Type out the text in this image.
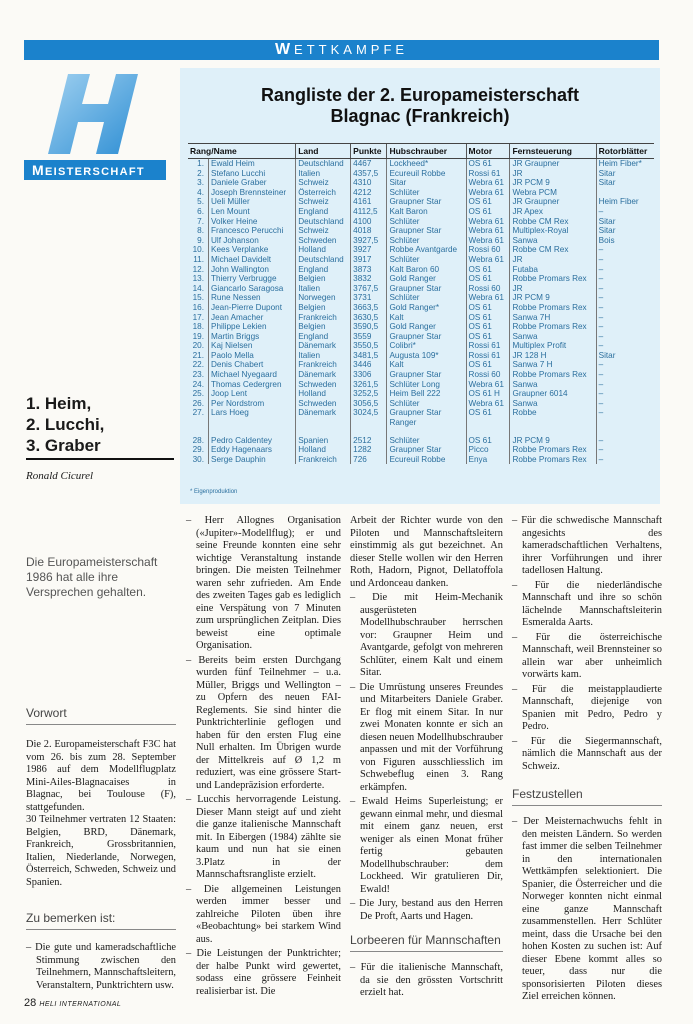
WETTKAMPFE
MEISTERSCHAFT
1. Heim,
2. Lucchi,
3. Graber
Ronald Cicurel
Die Europameisterschaft 1986 hat alle ihre Versprechen gehalten.
Rangliste der 2. Europameisterschaft
Blagnac (Frankreich)
Rang/Name		Land	Punkte	Hubschrauber	Motor	Fernsteuerung	Rotorblätter
1.	Ewald Heim	Deutschland	4467	Lockheed*	OS 61	JR Graupner	Heim Fiber*
2.	Stefano Lucchi	Italien	4357,5	Ecureuil Robbe	Rossi 61	JR	Sitar
3.	Daniele Graber	Schweiz	4310	Sitar	Webra 61	JR PCM 9	Sitar
4.	Joseph Brennsteiner	Österreich	4212	Schlüter	Webra 61	Webra PCM	
5.	Ueli Müller	Schweiz	4161	Graupner Star	OS 61	JR Graupner	Heim Fiber
6.	Len Mount	England	4112,5	Kalt Baron	OS 61	JR Apex	–
7.	Volker Heine	Deutschland	4100	Schlüter	Webra 61	Robbe CM Rex	Sitar
8.	Francesco Perucchi	Schweiz	4018	Graupner Star	Webra 61	Multiplex-Royal	Sitar
9.	Ulf Johanson	Schweden	3927,5	Schlüter	Webra 61	Sanwa	Bois
10.	Kees Verplanke	Holland	3927	Robbe Avantgarde	Rossi 60	Robbe CM Rex	–
11.	Michael Davidelt	Deutschland	3917	Schlüter	Webra 61	JR	–
12.	John Wallington	England	3873	Kalt Baron 60	OS 61	Futaba	–
13.	Thierry Verbrugge	Belgien	3832	Gold Ranger	OS 61	Robbe Promars Rex	–
14.	Giancarlo Saragosa	Italien	3767,5	Graupner Star	Rossi 60	JR	–
15.	Rune Nessen	Norwegen	3731	Schlüter	Webra 61	JR PCM 9	–
16.	Jean-Pierre Dupont	Belgien	3663,5	Gold Ranger*	OS 61	Robbe Promars Rex	–
17.	Jean Amacher	Frankreich	3630,5	Kalt	OS 61	Sanwa 7H	–
18.	Philippe Lekien	Belgien	3590,5	Gold Ranger	OS 61	Robbe Promars Rex	–
19.	Martin Briggs	England	3559	Graupner Star	OS 61	Sanwa	–
20.	Kaj Nielsen	Dänemark	3550,5	Colibri*	Rossi 61	Multiplex Profit	–
21.	Paolo Mella	Italien	3481,5	Augusta 109*	Rossi 61	JR 128 H	Sitar
22.	Denis Chabert	Frankreich	3446	Kalt	OS 61	Sanwa 7 H	–
23.	Michael Nyegaard	Dänemark	3306	Graupner Star	Rossi 60	Robbe Promars Rex	–
24.	Thomas Cedergren	Schweden	3261,5	Schlüter Long	Webra 61	Sanwa	–
25.	Joop Lent	Holland	3252,5	Heim Bell 222	OS 61 H	Graupner 6014	–
26.	Per Nordstrom	Schweden	3056,5	Schlüter	Webra 61	Sanwa	–
27.	Lars Hoeg	Dänemark	3024,5	Graupner Star	OS 61	Robbe	–
				Ranger			

28.	Pedro Caldentey	Spanien	2512	Schlüter	OS 61	JR PCM 9	–
29.	Eddy Hagenaars	Holland	1282	Graupner Star	Picco	Robbe Promars Rex	–
30.	Serge Dauphin	Frankreich	726	Ecureuil Robbe	Enya	Robbe Promars Rex	–
* Eigenproduktion
Vorwort

Die 2. Europameisterschaft F3C hat vom 26. bis zum 28. September 1986 auf dem Modellflugplatz Mini-Ailes-Blagnacaises in Blagnac, bei Toulouse (F), stattgefunden.

30 Teilnehmer vertraten 12 Staaten: Belgien, BRD, Dänemark, Frankreich, Grossbritannien, Italien, Niederlande, Norwegen, Österreich, Schweden, Schweiz und Spanien.

Zu bemerken ist:
– Die gute und kameradschaftliche Stimmung zwischen den Teilnehmern, Mannschaftsleitern, Veranstaltern, Punktrichtern usw.
– Herr Allognes Organisation («Jupiter»-Modellflug); er und seine Freunde konnten eine sehr wichtige Veranstaltung instande bringen. Die meisten Teilnehmer waren sehr zufrieden. Am Ende des zweiten Tages gab es lediglich eine Verspätung von 7 Minuten zum ursprünglichen Zeitplan. Dies beweist eine optimale Organisation.
– Bereits beim ersten Durchgang wurden fünf Teilnehmer – u.a. Müller, Briggs und Wellington – zu Opfern des neuen FAI-Reglements. Sie sind hinter die Punktrichterlinie geflogen und haben für den ersten Flug eine Null erhalten. Im Übrigen wurde der Mittelkreis auf Ø 1,2 m reduziert, was eine grössere Start- und Landepräzision erforderte.
– Lucchis hervorragende Leistung. Dieser Mann steigt auf und zieht die ganze italienische Mannschaft mit. In Eibergen (1984) zählte sie kaum und nun hat sie einen 3.Platz in der Mannschaftsrangliste erzielt.
– Die allgemeinen Leistungen werden immer besser und zahlreiche Piloten üben ihre «Beobachtung» bei starkem Wind aus.
– Die Leistungen der Punktrichter; der halbe Punkt wird gewertet, sodass eine grössere Feinheit realisierbar ist. Die
Arbeit der Richter wurde von den Piloten und Mannschaftsleitern einstimmig als gut bezeichnet. An dieser Stelle wollen wir den Herren Roth, Hadorn, Pignot, Dellatoffola und Ardonceau danken.
– Die mit Heim-Mechanik ausgerüsteten Modellhubschrauber herrschen vor: Graupner Heim und Avantgarde, gefolgt von mehreren Schlüter, einem Kalt und einem Sitar.
– Die Umrüstung unseres Freundes und Mitarbeiters Daniele Graber. Er flog mit einem Sitar. In nur zwei Monaten konnte er sich an diesen neuen Modellhubschrauber anpassen und mit der Vorführung von Figuren ausschliesslich im Schwebeflug einen 3. Rang erkämpfen.
– Ewald Heims Superleistung; er gewann einmal mehr, und diesmal mit einem ganz neuen, erst weniger als einen Monat früher fertig gebauten Modellhubschrauber: dem Lockheed. Wir gratulieren Dir, Ewald!
– Die Jury, bestand aus den Herren De Proft, Aarts und Hagen.
Lorbeeren für Mannschaften
– Für die italienische Mannschaft, da sie den grössten Vortschritt erzielt hat.
– Für die schwedische Mannschaft angesichts des kameradschaftlichen Verhaltens, ihrer Vorführungen und ihrer tadellosen Haltung.
– Für die niederländische Mannschaft und ihre so schön lächelnde Mannschaftsleiterin Esmeralda Aarts.
– Für die österreichische Mannschaft, weil Brennsteiner so allein war aber unheimlich vorwärts kam.
– Für die meistapplaudierte Mannschaft, diejenige von Spanien mit Pedro, Pedro y Pedro.
– Für die Siegermannschaft, nämlich die Mannschaft aus der Schweiz.
Festzustellen
– Der Meisternachwuchs fehlt in den meisten Ländern. So werden fast immer die selben Teilnehmer in den internationalen Wettkämpfen selektioniert. Die Spanier, die Österreicher und die Norweger konnten nicht einmal eine ganze Mannschaft zusammenstellen. Herr Schlüter meint, dass die Ursache bei den hohen Kosten zu suchen ist: Auf dieser Ebene kommt alles so teuer, dass nur die sponsorisierten Piloten dieses Ziel erreichen können.
28 HELI INTERNATIONAL
